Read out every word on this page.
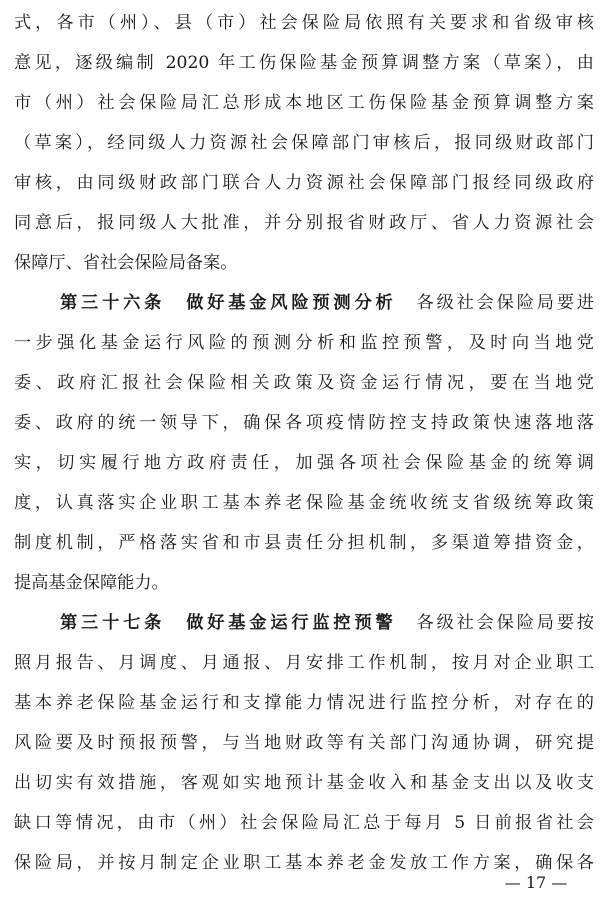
式，各市（州）、县（市）社会保险局依照有关要求和省级审核
意见，逐级编制 2020 年工伤保险基金预算调整方案（草案），由
市（州）社会保险局汇总形成本地区工伤保险基金预算调整方案
（草案），经同级人力资源社会保障部门审核后，报同级财政部门
审核，由同级财政部门联合人力资源社会保障部门报经同级政府
同意后，报同级人大批准，并分别报省财政厅、省人力资源社会
保障厅、省社会保险局备案。
第三十六条　做好基金风险预测分析　各级社会保险局要进
一步强化基金运行风险的预测分析和监控预警，及时向当地党
委、政府汇报社会保险相关政策及资金运行情况，要在当地党
委、政府的统一领导下，确保各项疫情防控支持政策快速落地落
实，切实履行地方政府责任，加强各项社会保险基金的统筹调
度，认真落实企业职工基本养老保险基金统收统支省级统筹政策
制度机制，严格落实省和市县责任分担机制，多渠道筹措资金，
提高基金保障能力。
第三十七条　做好基金运行监控预警　各级社会保险局要按
照月报告、月调度、月通报、月安排工作机制，按月对企业职工
基本养老保险基金运行和支撑能力情况进行监控分析，对存在的
风险要及时预报预警，与当地财政等有关部门沟通协调，研究提
出切实有效措施，客观如实地预计基金收入和基金支出以及收支
缺口等情况，由市（州）社会保险局汇总于每月 5 日前报省社会
保险局，并按月制定企业职工基本养老金发放工作方案，确保各
— 17 —
